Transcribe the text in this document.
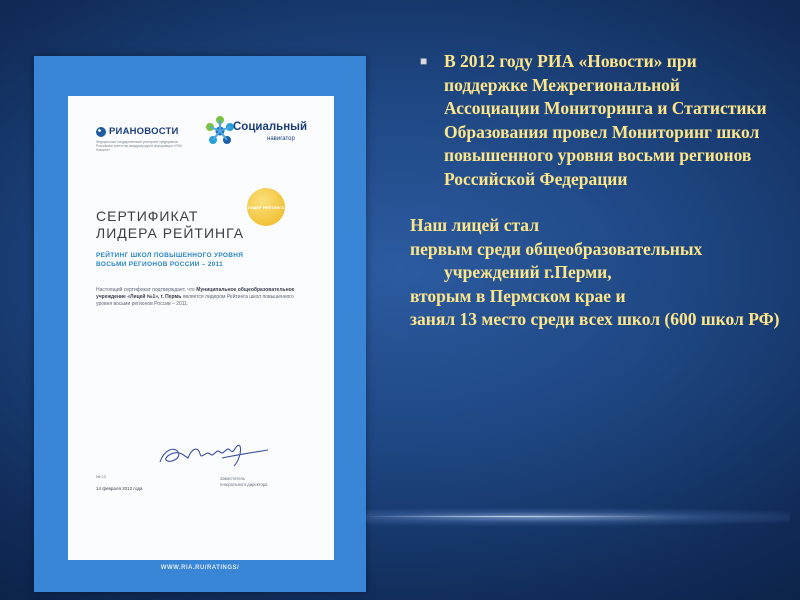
РИАНОВОСТИ
Федеральное государственное унитарное предприятие Российское агентство международной информации «РИА Новости»
Социальный
навигатор
ЛИДЕР РЕЙТИНГА
СЕРТИФИКАТ
ЛИДЕРА РЕЙТИНГА
РЕЙТИНГ ШКОЛ ПОВЫШЕННОГО УРОВНЯ
ВОСЬМИ РЕГИОНОВ РОССИИ – 2011
Настоящий сертификат подтверждает, что Муниципальное общеобразовательное учреждение «Лицей №1», г. Пермь является лидером Рейтинга школ повышенного уровня восьми регионов России – 2011.
№ 13
14 февраля 2012 года
Заместитель
генерального директора
WWW.RIA.RU/RATINGS/

■ В 2012 году РИА «Новости» при поддержке Межрегиональной Ассоциации Мониторинга и Статистики Образования провел Мониторинг школ повышенного уровня восьми регионов Российской Федерации

Наш лицей стал

первым среди общеобразовательных учреждений г.Перми,

вторым в Пермском крае и

занял 13 место среди всех школ (600 школ РФ)
